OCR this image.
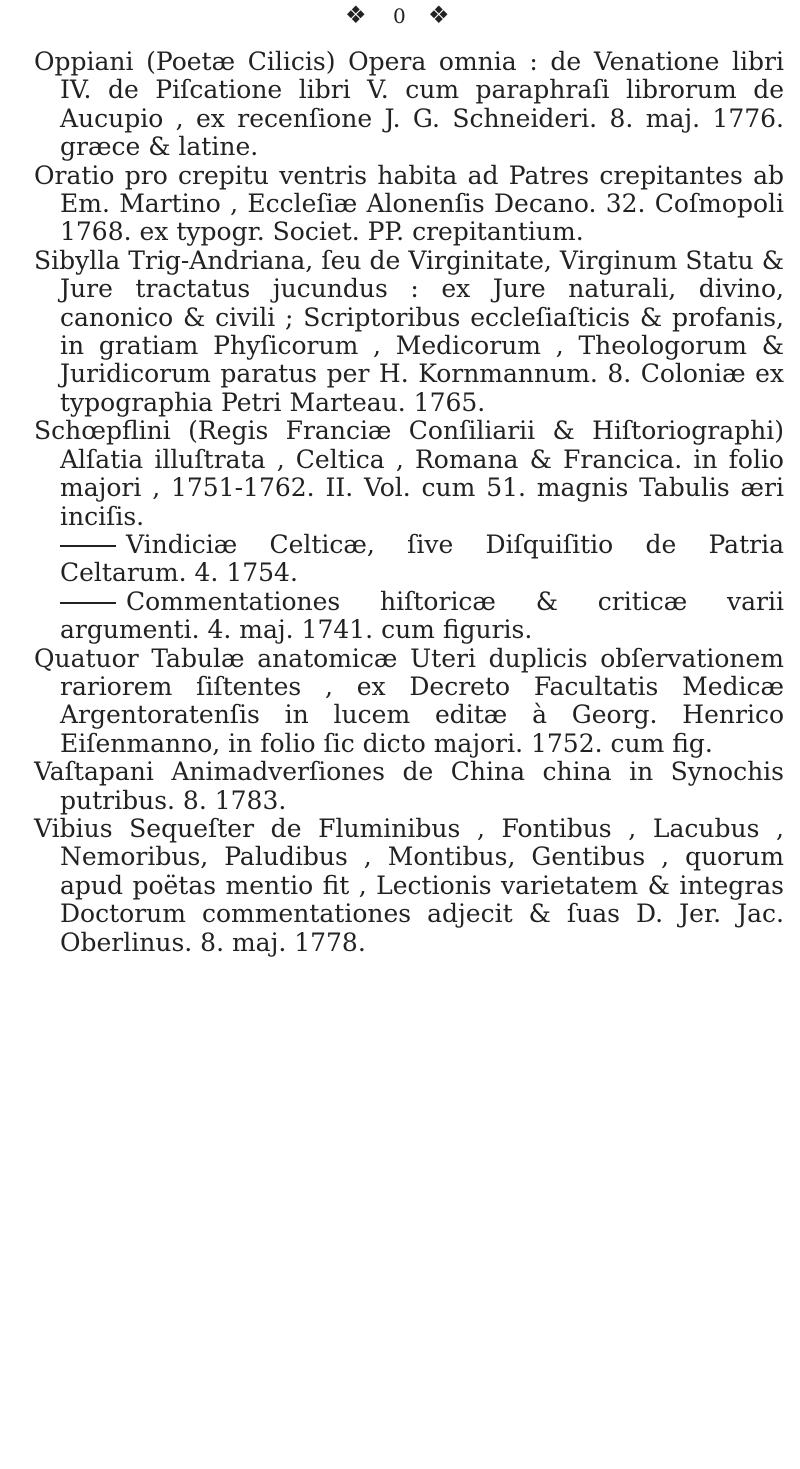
❖ 0 ❖

Oppiani (Poetæ Cilicis) Opera omnia : de Venatione libri IV. de Piſcatione libri V. cum paraphraſi librorum de Aucupio , ex recenſione J. G. Schneideri. 8. maj. 1776. græce & latine.

Oratio pro crepitu ventris habita ad Patres crepitantes ab Em. Martino , Eccleſiæ Alonenſis Decano. 32. Coſmopoli 1768. ex typogr. Societ. PP. crepitantium.

Sibylla Trig-Andriana, ſeu de Virginitate, Virginum Statu & Jure tractatus jucundus : ex Jure naturali, divino, canonico & civili ; Scriptoribus eccleſiaſticis & profanis, in gratiam Phyſicorum , Medicorum , Theologorum & Juridicorum paratus per H. Kornmannum. 8. Coloniæ ex typographia Petri Marteau. 1765.

Schœpflini (Regis Franciæ Conſiliarii & Hiſtoriographi) Alſatia illuſtrata , Celtica , Romana & Francica. in folio majori , 1751-1762. II. Vol. cum 51. magnis Tabulis æri inciſis.

Vindiciæ Celticæ, ſive Diſquiſitio de Patria Celtarum. 4. 1754.

Commentationes hiſtoricæ & criticæ varii argumenti. 4. maj. 1741. cum figuris.

Quatuor Tabulæ anatomicæ Uteri duplicis obſervationem rariorem ſiſtentes , ex Decreto Facultatis Medicæ Argentoratenſis in lucem editæ à Georg. Henrico Eiſenmanno, in folio ſic dicto majori. 1752. cum fig.

Vaſtapani Animadverſiones de China china in Synochis putribus. 8. 1783.

Vibius Sequeſter de Fluminibus , Fontibus , Lacubus , Nemoribus, Paludibus , Montibus, Gentibus , quorum apud poëtas mentio fit , Lectionis varietatem & integras Doctorum commentationes adjecit & ſuas D. Jer. Jac. Oberlinus. 8. maj. 1778.
